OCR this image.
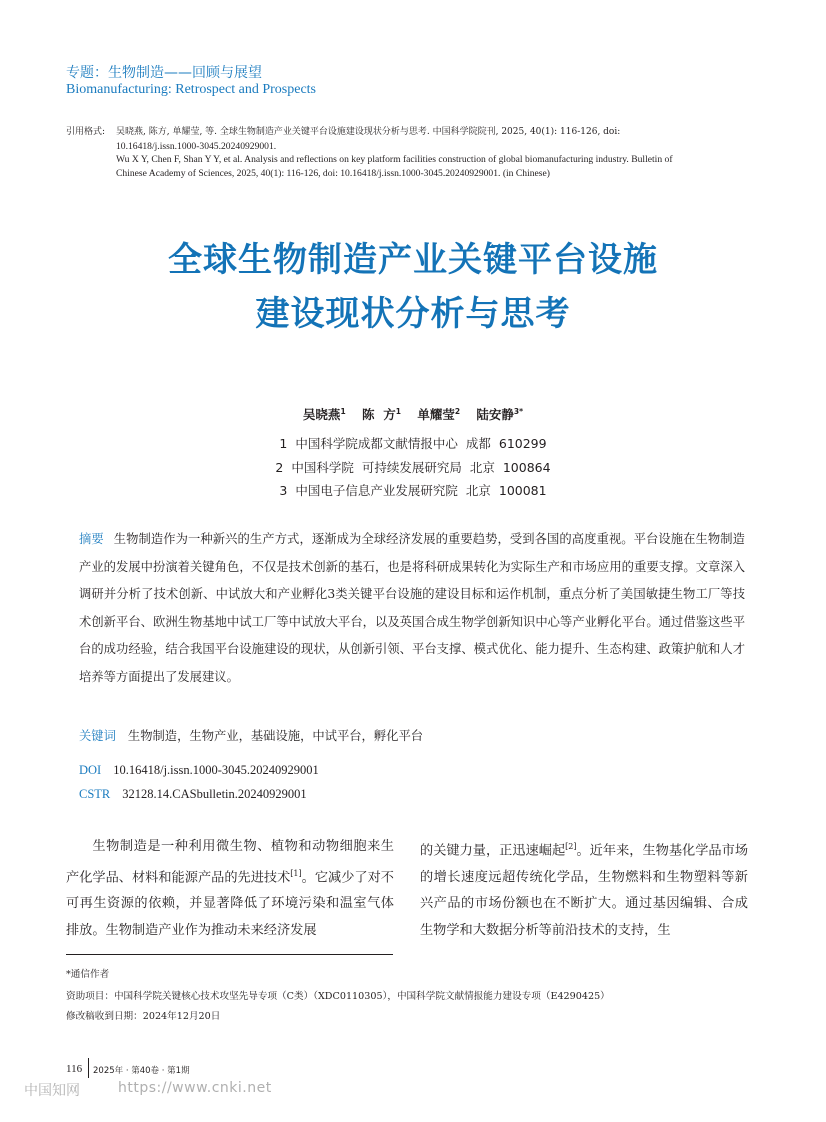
专题：生物制造——回顾与展望
Biomanufacturing: Retrospect and Prospects
引用格式:	吴晓燕, 陈方, 单耀莹, 等. 全球生物制造产业关键平台设施建设现状分析与思考. 中国科学院院刊, 2025, 40(1): 116-126, doi:
10.16418/j.issn.1000-3045.20240929001.
Wu X Y, Chen F, Shan Y Y, et al. Analysis and reflections on key platform facilities construction of global biomanufacturing industry. Bulletin of
Chinese Academy of Sciences, 2025, 40(1): 116-126, doi: 10.16418/j.issn.1000-3045.20240929001. (in Chinese)
全球生物制造产业关键平台设施
建设现状分析与思考
吴晓燕$^1$ 陈  方$^1$ 单耀莹$^2$ 陆安静$^{3*}$
1 中国科学院成都文献情报中心 成都 610299
2 中国科学院  可持续发展研究局 北京 100864
3 中国电子信息产业发展研究院 北京 100081
摘要 生物制造作为一种新兴的生产方式，逐渐成为全球经济发展的重要趋势，受到各国的高度重视。平台设施在生物制造产业的发展中扮演着关键角色，不仅是技术创新的基石，也是将科研成果转化为实际生产和市场应用的重要支撑。文章深入调研并分析了技术创新、中试放大和产业孵化3类关键平台设施的建设目标和运作机制，重点分析了美国敏捷生物工厂等技术创新平台、欧洲生物基地中试工厂等中试放大平台，以及英国合成生物学创新知识中心等产业孵化平台。通过借鉴这些平台的成功经验，结合我国平台设施建设的现状，从创新引领、平台支撑、模式优化、能力提升、生态构建、政策护航和人才培养等方面提出了发展建议。
关键词 生物制造，生物产业，基础设施，中试平台，孵化平台
DOI 10.16418/j.issn.1000-3045.20240929001
CSTR 32128.14.CASbulletin.20240929001
生物制造是一种利用微生物、植物和动物细胞来生产化学品、材料和能源产品的先进技术[1]。它减少了对不可再生资源的依赖，并显著降低了环境污染和温室气体排放。生物制造产业作为推动未来经济发展
的关键力量，正迅速崛起[2]。近年来，生物基化学品市场的增长速度远超传统化学品，生物燃料和生物塑料等新兴产品的市场份额也在不断扩大。通过基因编辑、合成生物学和大数据分析等前沿技术的支持，生
*通信作者
资助项目：中国科学院关键核心技术攻坚先导专项（C类）（XDC0110305），中国科学院文献情报能力建设专项（E4290425）
修改稿收到日期：2024年12月20日
116 2025年 · 第40卷 · 第1期
中国知网	https://www.cnki.net
